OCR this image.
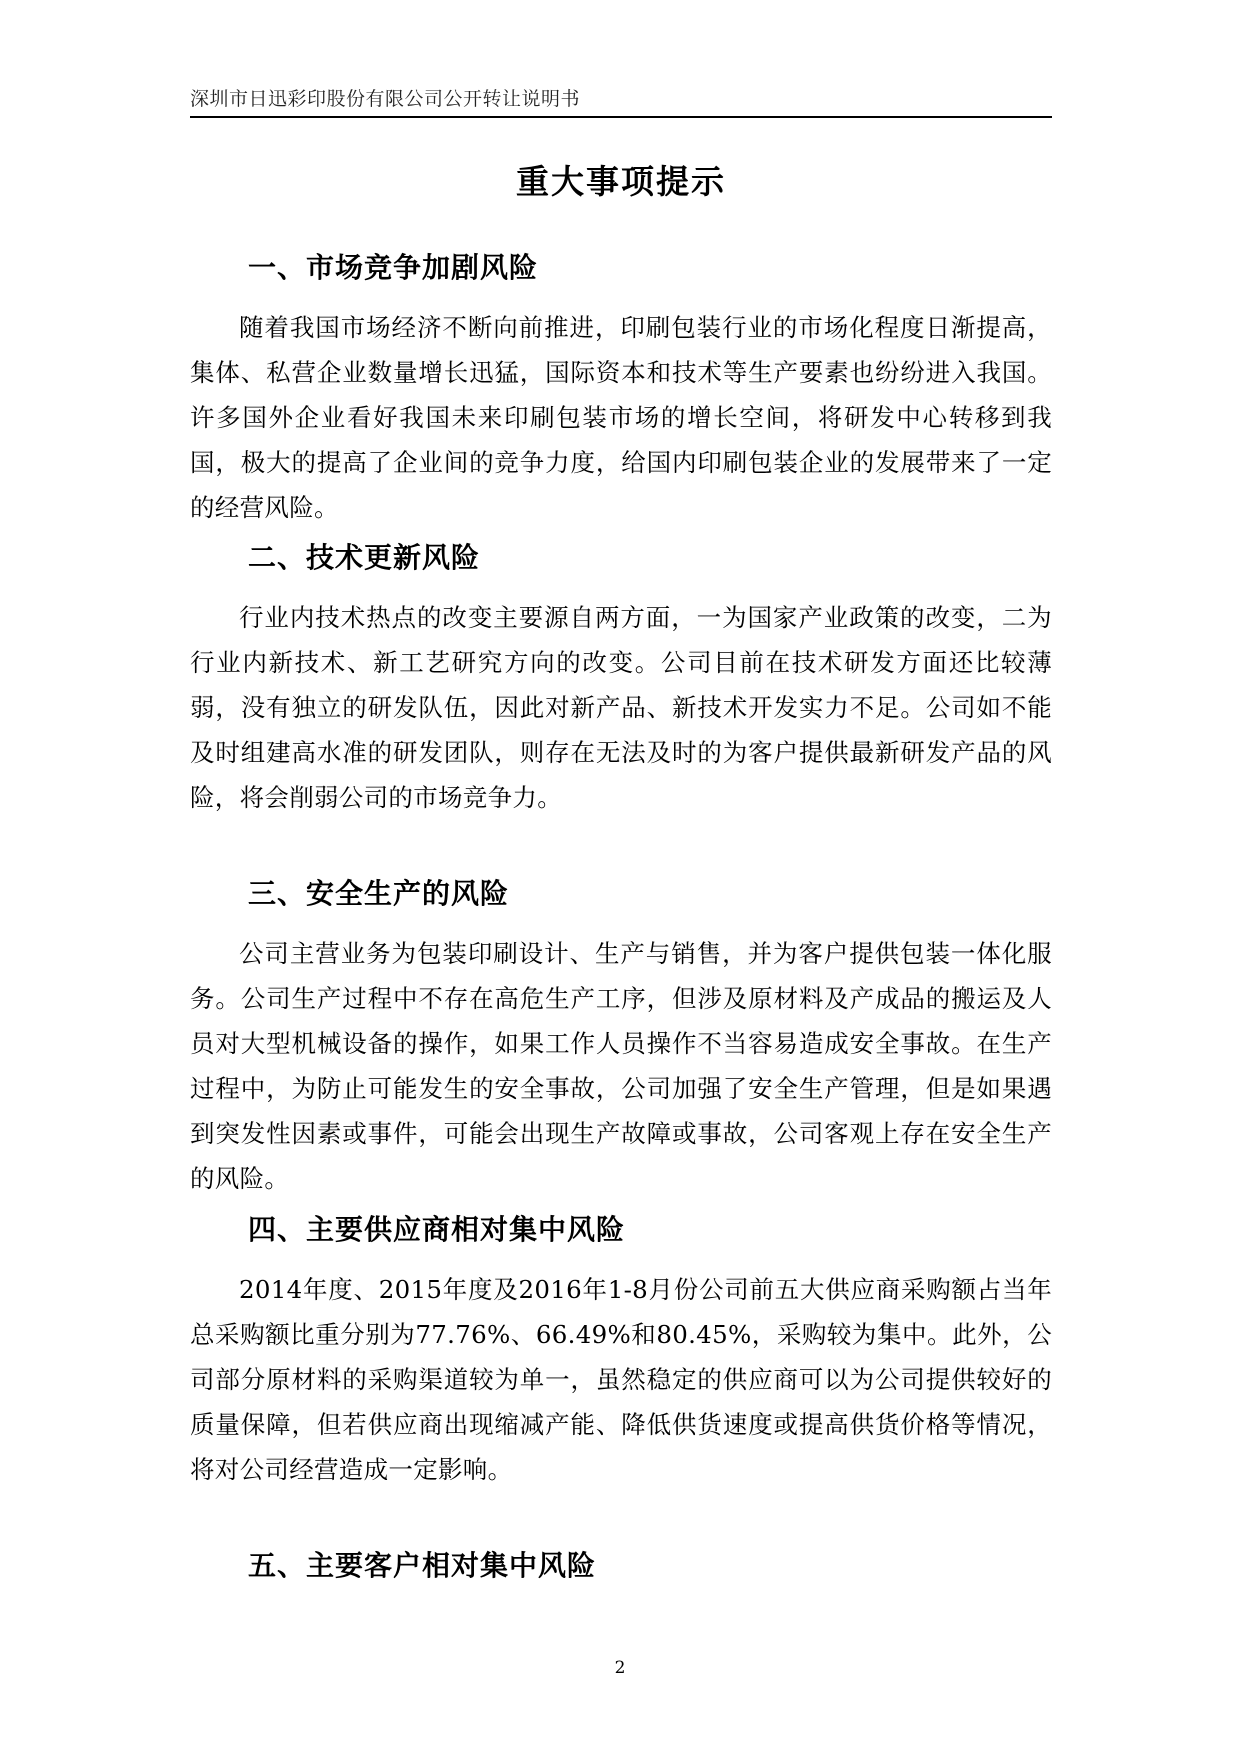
深圳市日迅彩印股份有限公司公开转让说明书
重大事项提示
一、市场竞争加剧风险

随着我国市场经济不断向前推进，印刷包装行业的市场化程度日渐提高，集体、私营企业数量增长迅猛，国际资本和技术等生产要素也纷纷进入我国。许多国外企业看好我国未来印刷包装市场的增长空间，将研发中心转移到我国，极大的提高了企业间的竞争力度，给国内印刷包装企业的发展带来了一定的经营风险。

二、技术更新风险

行业内技术热点的改变主要源自两方面，一为国家产业政策的改变，二为行业内新技术、新工艺研究方向的改变。公司目前在技术研发方面还比较薄弱，没有独立的研发队伍，因此对新产品、新技术开发实力不足。公司如不能及时组建高水准的研发团队，则存在无法及时的为客户提供最新研发产品的风险，将会削弱公司的市场竞争力。

三、安全生产的风险

公司主营业务为包装印刷设计、生产与销售，并为客户提供包装一体化服务。公司生产过程中不存在高危生产工序，但涉及原材料及产成品的搬运及人员对大型机械设备的操作，如果工作人员操作不当容易造成安全事故。在生产过程中，为防止可能发生的安全事故，公司加强了安全生产管理，但是如果遇到突发性因素或事件，可能会出现生产故障或事故，公司客观上存在安全生产的风险。

四、主要供应商相对集中风险

2014年度、2015年度及2016年1-8月份公司前五大供应商采购额占当年总采购额比重分别为77.76%、66.49%和80.45%，采购较为集中。此外，公司部分原材料的采购渠道较为单一，虽然稳定的供应商可以为公司提供较好的质量保障，但若供应商出现缩减产能、降低供货速度或提高供货价格等情况，将对公司经营造成一定影响。

五、主要客户相对集中风险
2
